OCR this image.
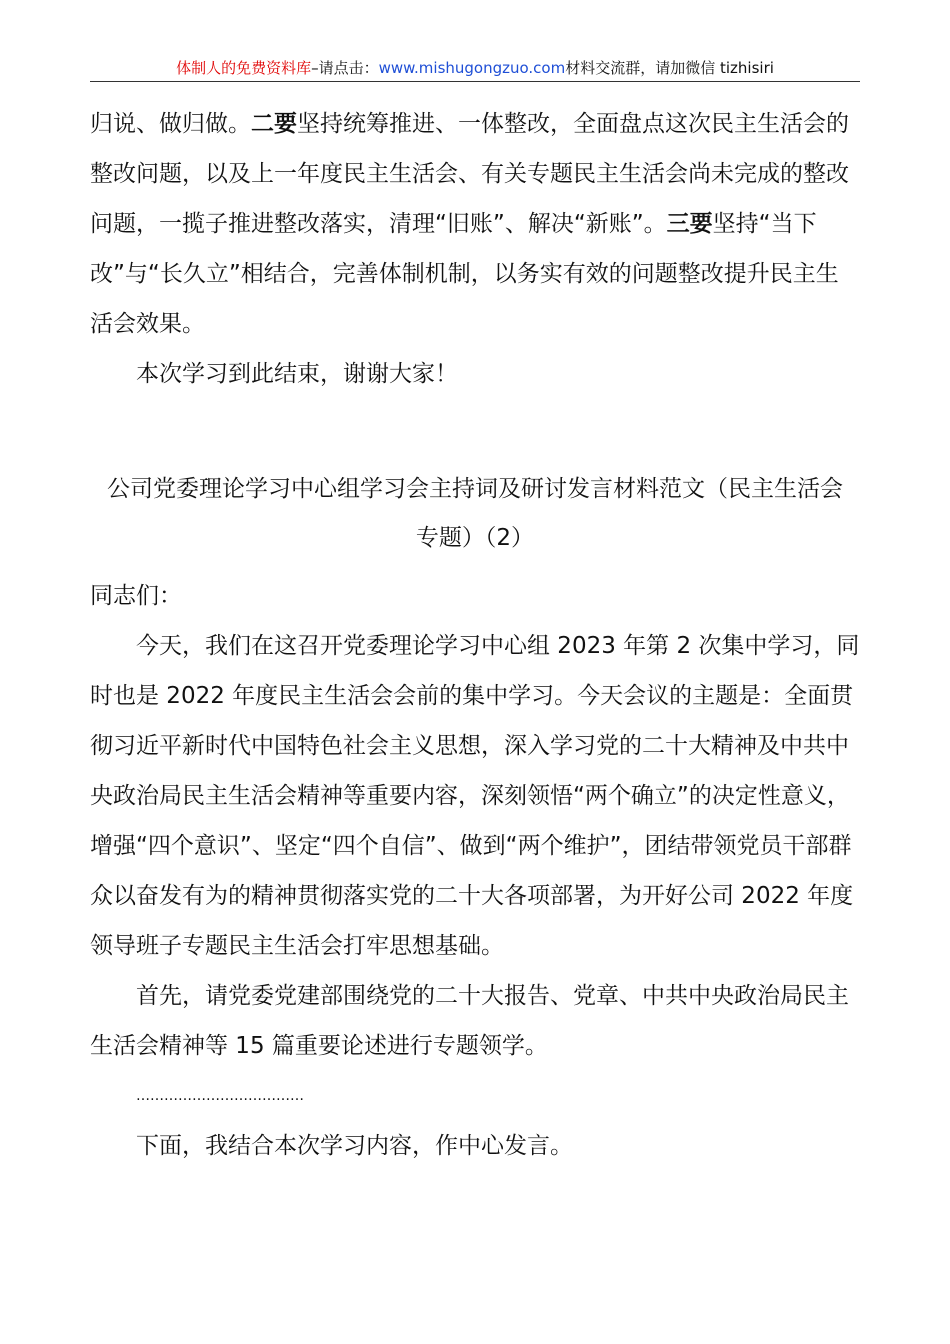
体制人的免费资料库–请点击：www.mishugongzuo.com材料交流群，请加微信 tizhisiri

归说、做归做。二要坚持统筹推进、一体整改，全面盘点这次民主生活会的整改问题，以及上一年度民主生活会、有关专题民主生活会尚未完成的整改问题，一揽子推进整改落实，清理“旧账”、解决“新账”。三要坚持“当下改”与“长久立”相结合，完善体制机制，以务实有效的问题整改提升民主生活会效果。

本次学习到此结束，谢谢大家！

公司党委理论学习中心组学习会主持词及研讨发言材料范文（民主生活会
专题）（2）

同志们：

今天，我们在这召开党委理论学习中心组 2023 年第 2 次集中学习，同时也是 2022 年度民主生活会会前的集中学习。今天会议的主题是：全面贯彻习近平新时代中国特色社会主义思想，深入学习党的二十大精神及中共中央政治局民主生活会精神等重要内容，深刻领悟“两个确立”的决定性意义，增强“四个意识”、坚定“四个自信”、做到“两个维护”，团结带领党员干部群众以奋发有为的精神贯彻落实党的二十大各项部署，为开好公司 2022 年度领导班子专题民主生活会打牢思想基础。

首先，请党委党建部围绕党的二十大报告、党章、中共中央政治局民主生活会精神等 15 篇重要论述进行专题领学。

………………………………

下面，我结合本次学习内容，作中心发言。
